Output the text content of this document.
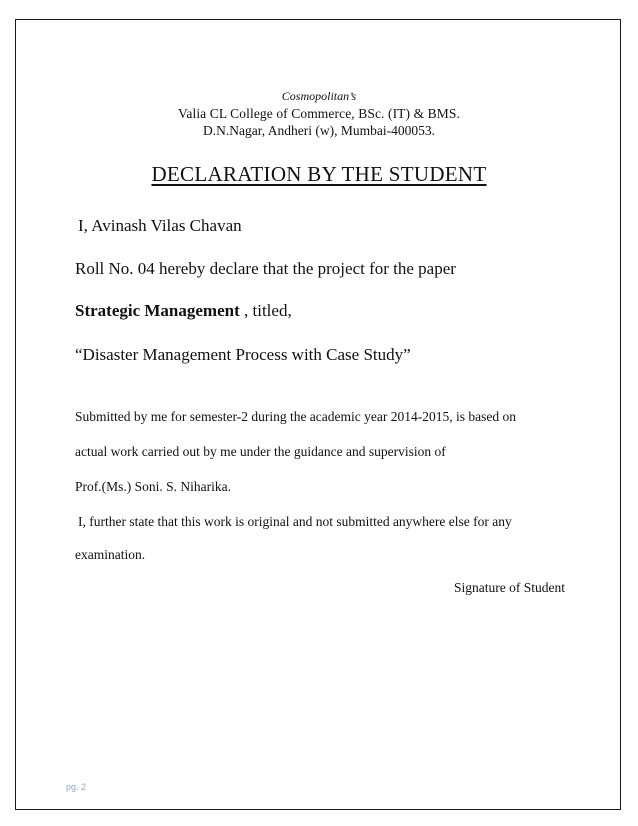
Cosmopolitan’s
Valia CL College of Commerce, BSc. (IT) & BMS.
D.N.Nagar, Andheri (w), Mumbai-400053.
DECLARATION BY THE STUDENT
I, Avinash Vilas Chavan
Roll No. 04 hereby declare that the project for the paper
Strategic Management , titled,
“Disaster Management Process with Case Study”
Submitted by me for semester-2 during the academic year 2014-2015, is based on
actual work carried out by me under the guidance and supervision of
Prof.(Ms.) Soni. S. Niharika.
I, further state that this work is original and not submitted anywhere else for any
examination.
Signature of Student
pg. 2
